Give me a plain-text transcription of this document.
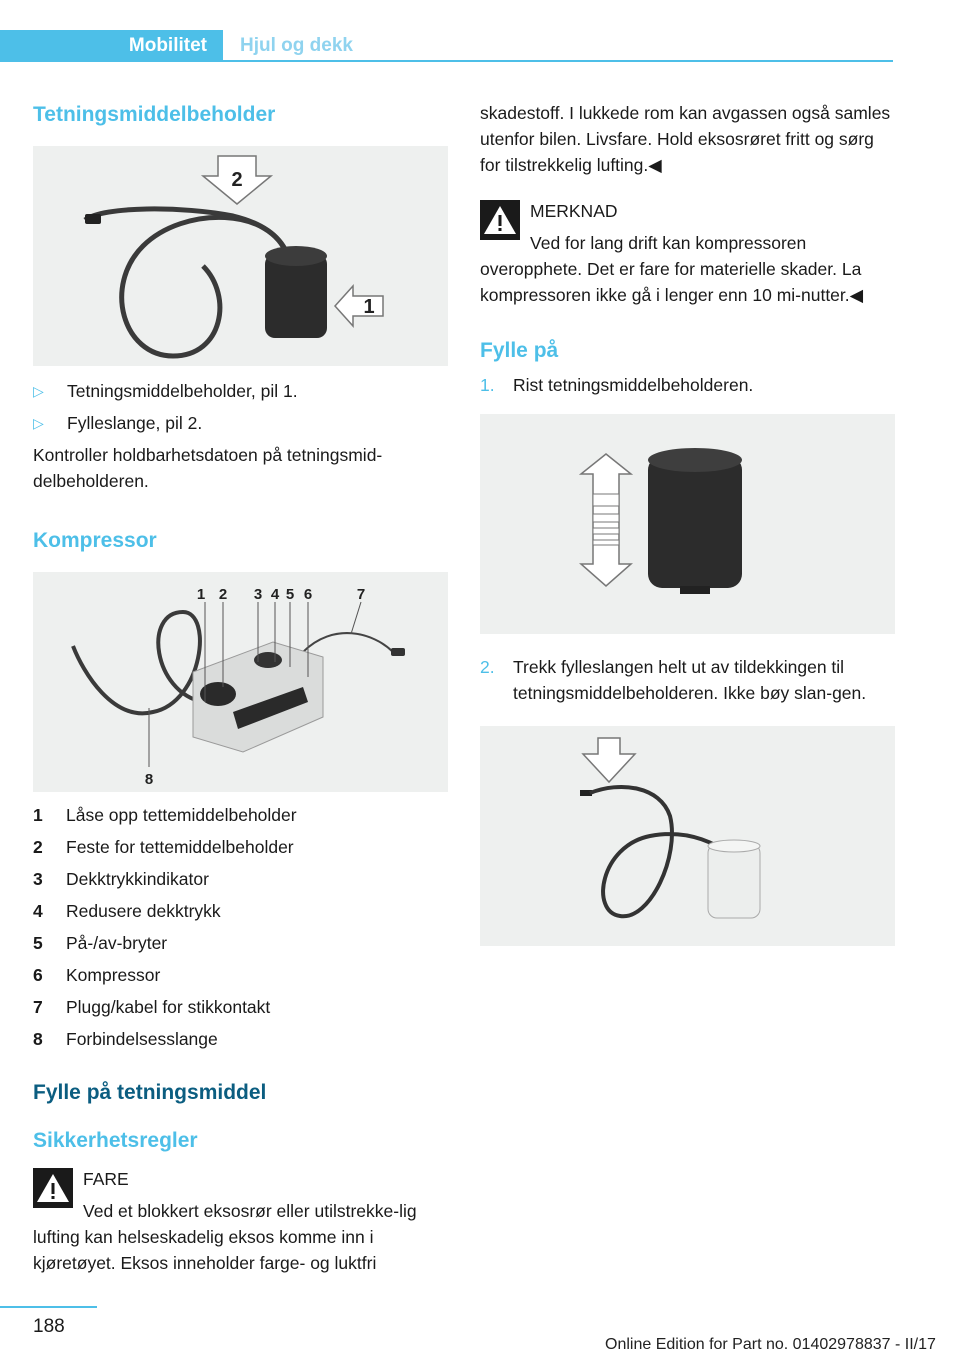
Mobilitet	Hjul og dekk
Tetningsmiddelbeholder
2
1
▷ Tetningsmiddelbeholder, pil 1.
▷ Fylleslange, pil 2.

Kontroller holdbarhetsdatoen på tetningsmid-delbeholderen.

Kompressor
1 2 3 4 5 6	7
8
1 Låse opp tettemiddelbeholder
2 Feste for tettemiddelbeholder
3 Dekktrykkindikator
4 Redusere dekktrykk
5 På-/av-bryter
6 Kompressor
7 Plugg/kabel for stikkontakt
8 Forbindelsesslange
Fylle på tetningsmiddel
Sikkerhetsregler

FARE

Ved et blokkert eksosrør eller utilstrekke-lig lufting kan helseskadelig eksos komme inn i kjøretøyet. Eksos inneholder farge- og luktfri

skadestoff. I lukkede rom kan avgassen også samles utenfor bilen. Livsfare. Hold eksosrøret fritt og sørg for tilstrekkelig lufting.◀

MERKNAD

Ved for lang drift kan kompressoren

overopphete. Det er fare for materielle skader. La kompressoren ikke gå i lenger enn 10 mi-nutter.◀

Fylle på
1. Rist tetningsmiddelbeholderen.
2. Trekk fylleslangen helt ut av tildekkingen til tetningsmiddelbeholderen. Ikke bøy slan-gen.
188
Online Edition for Part no. 01402978837 - II/17
